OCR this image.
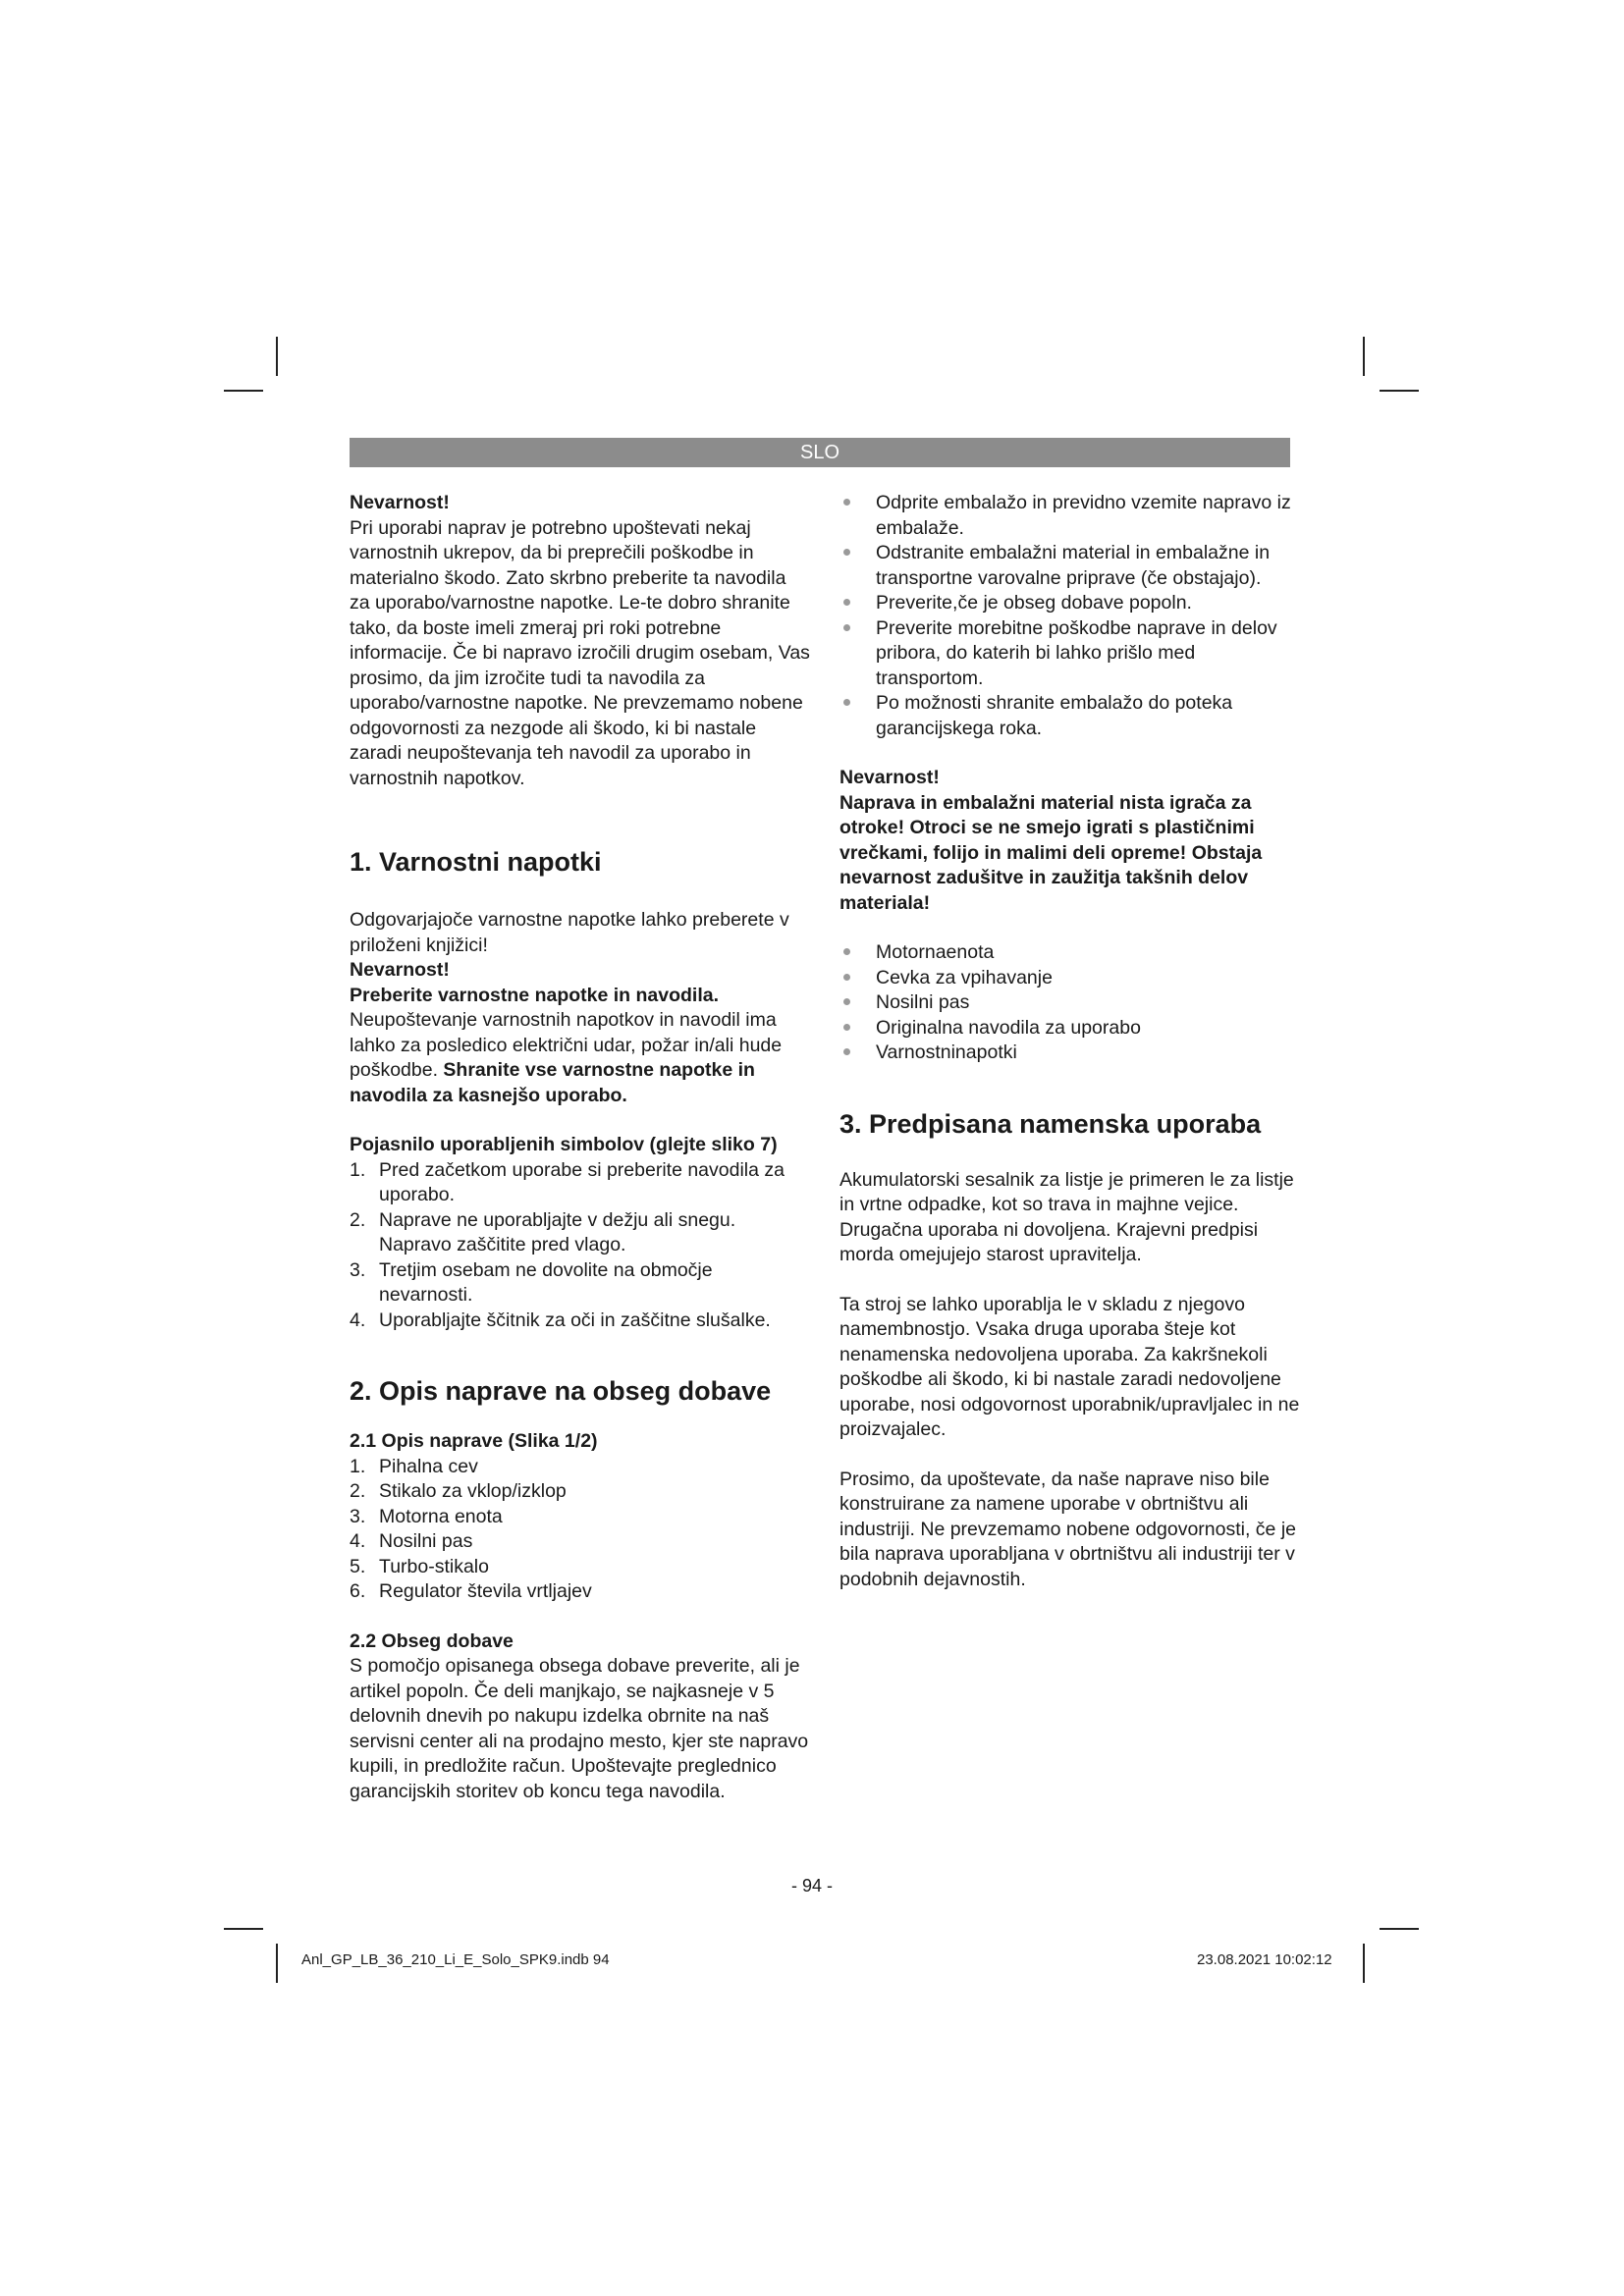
SLO

Nevarnost!

Pri uporabi naprav je potrebno upoštevati nekaj varnostnih ukrepov, da bi preprečili poškodbe in materialno škodo. Zato skrbno preberite ta navodila za uporabo/varnostne napotke. Le-te dobro shranite tako, da boste imeli zmeraj pri roki potrebne informacije. Če bi napravo izročili drugim osebam, Vas prosimo, da jim izročite tudi ta navodila za uporabo/varnostne napotke. Ne prevzemamo nobene odgovornosti za nezgode ali škodo, ki bi nastale zaradi neupoštevanja teh navodil za uporabo in varnostnih napotkov.

1. Varnostni napotki

Odgovarjajoče varnostne napotke lahko preberete v priloženi knjižici!

Nevarnost!

Preberite varnostne napotke in navodila.
Neupoštevanje varnostnih napotkov in navodil ima lahko za posledico električni udar, požar in/ali hude poškodbe. Shranite vse varnostne napotke in navodila za kasnejšo uporabo.

Pojasnilo uporabljenih simbolov (glejte sliko 7)

1. Pred začetkom uporabe si preberite navodila za uporabo.
2. Naprave ne uporabljajte v dežju ali snegu. Napravo zaščitite pred vlago.
3. Tretjim osebam ne dovolite na območje nevarnosti.
4. Uporabljajte ščitnik za oči in zaščitne slušalke.
2. Opis naprave na obseg dobave

2.1 Opis naprave (Slika 1/2)

1. Pihalna cev
2. Stikalo za vklop/izklop
3. Motorna enota
4. Nosilni pas
5. Turbo-stikalo
6. Regulator števila vrtljajev

2.2 Obseg dobave

S pomočjo opisanega obsega dobave preverite, ali je artikel popoln. Če deli manjkajo, se najkasneje v 5 delovnih dnevih po nakupu izdelka obrnite na naš servisni center ali na prodajno mesto, kjer ste napravo kupili, in predložite račun. Upoštevajte preglednico garancijskih storitev ob koncu tega navodila.

Odprite embalažo in previdno vzemite napravo iz embalaže.
Odstranite embalažni material in embalažne in transportne varovalne priprave (če obstajajo).
Preverite,če je obseg dobave popoln.
Preverite morebitne poškodbe naprave in delov pribora, do katerih bi lahko prišlo med transportom.
Po možnosti shranite embalažo do poteka garancijskega roka.

Nevarnost!

Naprava in embalažni material nista igrača za otroke! Otroci se ne smejo igrati s plastičnimi vrečkami, folijo in malimi deli opreme! Obstaja nevarnost zadušitve in zaužitja takšnih delov materiala!

Motornaenota
Cevka za vpihavanje
Nosilni pas
Originalna navodila za uporabo
Varnostninapotki
3. Predpisana namenska uporaba

Akumulatorski sesalnik za listje je primeren le za listje in vrtne odpadke, kot so trava in majhne vejice. Drugačna uporaba ni dovoljena. Krajevni predpisi morda omejujejo starost upravitelja.

Ta stroj se lahko uporablja le v skladu z njegovo namembnostjo. Vsaka druga uporaba šteje kot nenamenska nedovoljena uporaba. Za kakršnekoli poškodbe ali škodo, ki bi nastale zaradi nedovoljene uporabe, nosi odgovornost uporabnik/upravljalec in ne proizvajalec.

Prosimo, da upoštevate, da naše naprave niso bile konstruirane za namene uporabe v obrtništvu ali industriji. Ne prevzemamo nobene odgovornosti, če je bila naprava uporabljana v obrtništvu ali industriji ter v podobnih dejavnostih.

- 94 -
Anl_GP_LB_36_210_Li_E_Solo_SPK9.indb 94	23.08.2021 10:02:12
